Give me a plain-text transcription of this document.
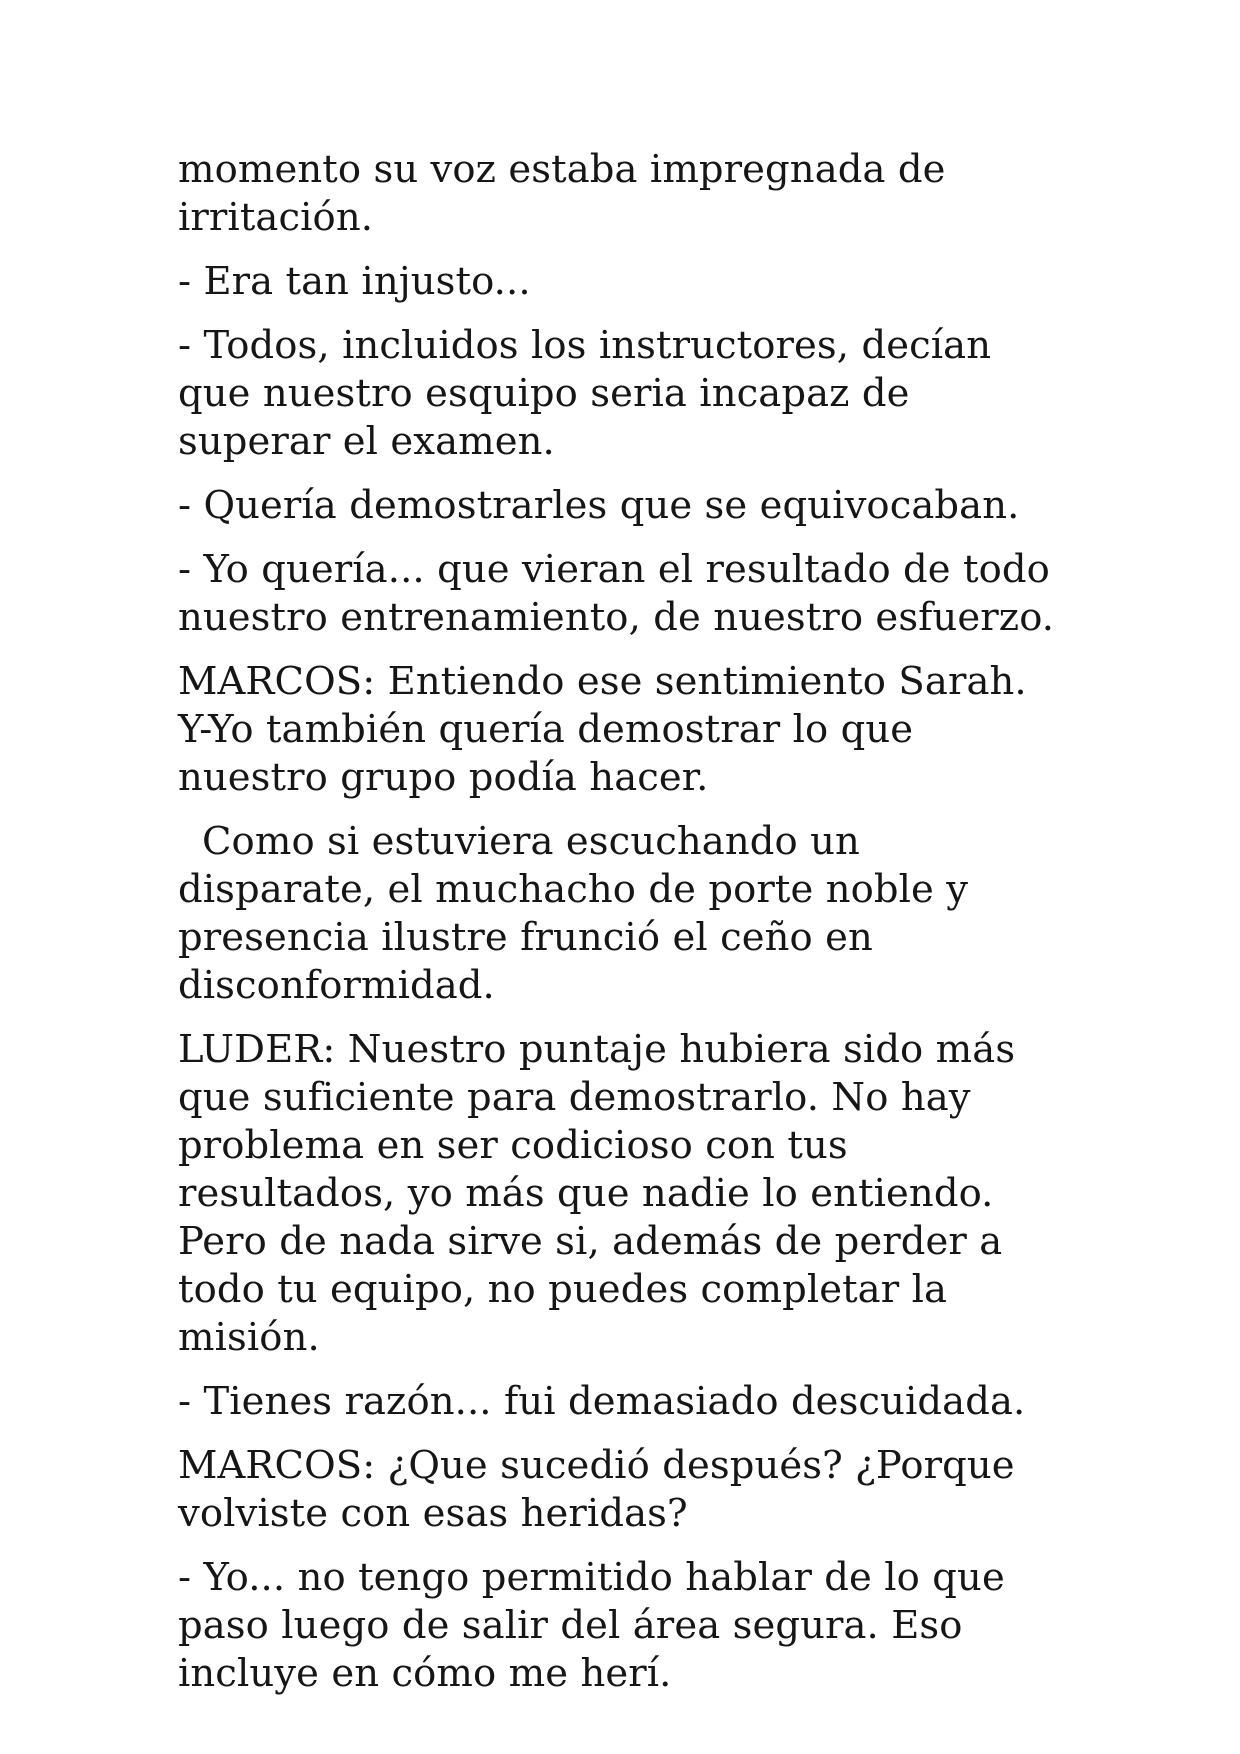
momento su voz estaba impregnada de irritación.

- Era tan injusto...

- Todos, incluidos los instructores, decían que nuestro esquipo seria incapaz de superar el examen.

- Quería demostrarles que se equivocaban.

- Yo quería... que vieran el resultado de todo nuestro entrenamiento, de nuestro esfuerzo.

MARCOS: Entiendo ese sentimiento Sarah. Y-Yo también quería demostrar lo que nuestro grupo podía hacer.

Como si estuviera escuchando un disparate, el muchacho de porte noble y presencia ilustre frunció el ceño en disconformidad.

LUDER: Nuestro puntaje hubiera sido más que suficiente para demostrarlo. No hay problema en ser codicioso con tus resultados, yo más que nadie lo entiendo. Pero de nada sirve si, además de perder a todo tu equipo, no puedes completar la misión.

- Tienes razón... fui demasiado descuidada.

MARCOS: ¿Que sucedió después? ¿Porque volviste con esas heridas?

- Yo... no tengo permitido hablar de lo que paso luego de salir del área segura. Eso incluye en cómo me herí.
